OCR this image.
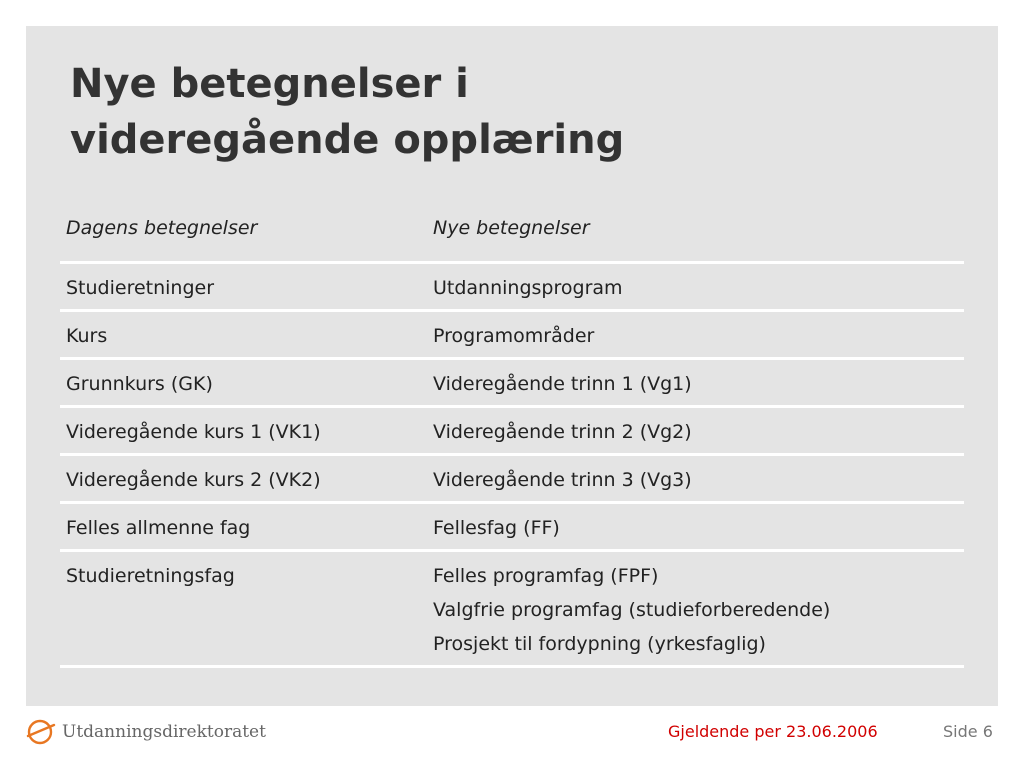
Nye betegnelser i
videregående opplæring
Dagens betegnelser	Nye betegnelser
Studieretninger	Utdanningsprogram
Kurs	Programområder
Grunnkurs (GK)	Videregående trinn 1 (Vg1)
Videregående kurs 1 (VK1)	Videregående trinn 2 (Vg2)
Videregående kurs 2 (VK2)	Videregående trinn 3 (Vg3)
Felles allmenne fag	Fellesfag (FF)
Studieretningsfag	Felles programfag (FPF)
Valgfrie programfag (studieforberedende)
Prosjekt til fordypning (yrkesfaglig)
Utdanningsdirektoratet	Gjeldende per 23.06.2006	Side 6
